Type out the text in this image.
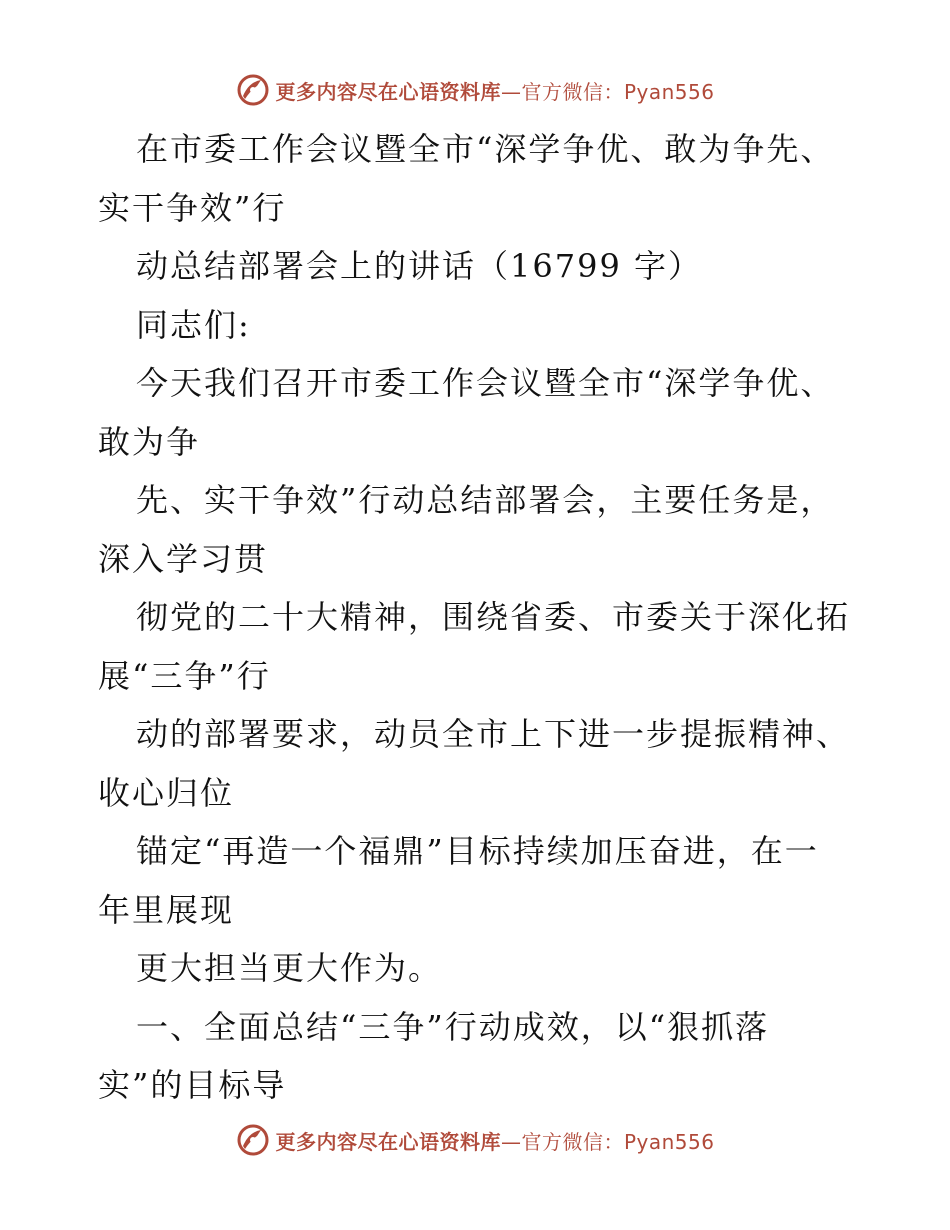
更多内容尽在心语资料库—官方微信：Pyan556
在市委工作会议暨全市“深学争优、敢为争先、
实干争效”行
动总结部署会上的讲话（16799 字）
同志们:
今天我们召开市委工作会议暨全市“深学争优、
敢为争
先、实干争效”行动总结部署会，主要任务是，
深入学习贯
彻党的二十大精神，围绕省委、市委关于深化拓
展“三争”行
动的部署要求，动员全市上下进一步提振精神、
收心归位
锚定“再造一个福鼎”目标持续加压奋进，在一
年里展现
更大担当更大作为。
一、全面总结“三争”行动成效，以“狠抓落
实”的目标导
更多内容尽在心语资料库—官方微信：Pyan556
